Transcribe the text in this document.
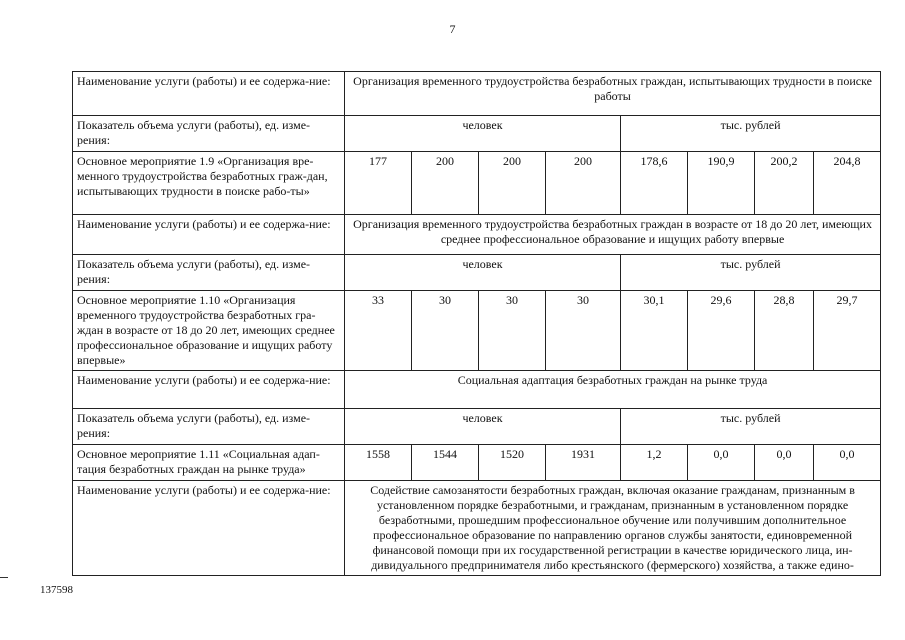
7
Наименование услуги (работы) и ее содержа-ние:	Организация временного трудоустройства безработных граждан, испытывающих трудности в поиске работы							
Показатель объема услуги (работы), ед. изме-рения:	человек				тыс. рублей			
Основное мероприятие 1.9 «Организация вре-менного трудоустройства безработных граж-дан, испытывающих трудности в поиске рабо-ты»	177	200	200	200	178,6	190,9	200,2	204,8
Наименование услуги (работы) и ее содержа-ние:	Организация временного трудоустройства безработных граждан в возрасте от 18 до 20 лет, имеющих среднее профессиональное образование и ищущих работу впервые							
Показатель объема услуги (работы), ед. изме-рения:	человек				тыс. рублей			
Основное мероприятие 1.10 «Организация временного трудоустройства безработных гра-ждан в возрасте от 18 до 20 лет, имеющих среднее профессиональное образование и ищущих работу впервые»	33	30	30	30	30,1	29,6	28,8	29,7
Наименование услуги (работы) и ее содержа-ние:	Социальная адаптация безработных граждан на рынке труда							
Показатель объема услуги (работы), ед. изме-рения:	человек				тыс. рублей			
Основное мероприятие 1.11 «Социальная адап-тация безработных граждан на рынке труда»	1558	1544	1520	1931	1,2	0,0	0,0	0,0
Наименование услуги (работы) и ее содержа-ние:	Содействие самозанятости безработных граждан, включая оказание гражданам, признанным в установленном порядке безработными, и гражданам, признанным в установленном порядке безработными, прошедшим профессиональное обучение или получившим дополнительное профессиональное образование по направлению органов службы занятости, единовременной финансовой помощи при их государственной регистрации в качестве юридического лица, ин-дивидуального предпринимателя либо крестьянского (фермерского) хозяйства, а также едино-							
137598
